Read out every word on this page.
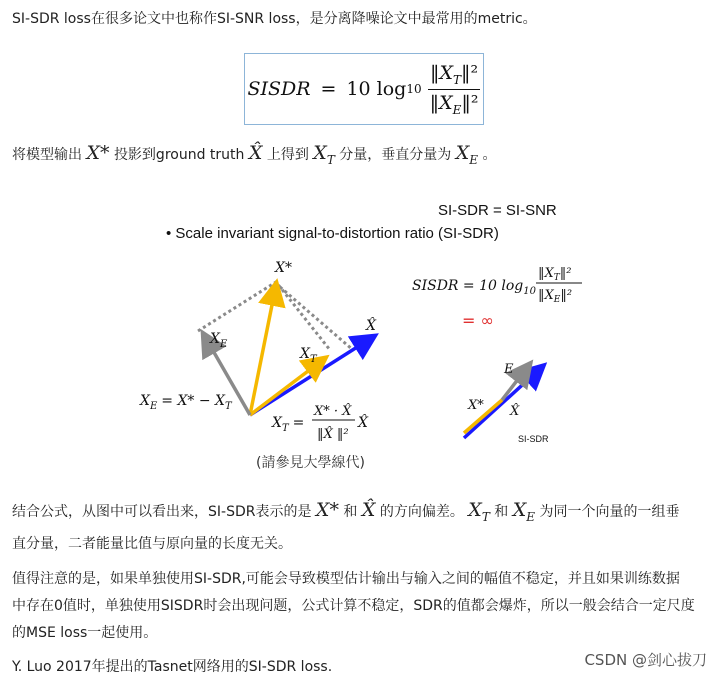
SI-SDR loss在很多论文中也称作SI-SNR loss，是分离降噪论文中最常用的metric。
SISDR = 10 $\log 10 \frac{‖X_T‖^2}{‖X_E‖^2}$
将模型输出 X* 投影到ground truth X̂ 上得到 $X_T$ 分量，垂直分量为 $X_E$ 。
SI-SDR = SI-SNR
• Scale invariant signal-to-distortion ratio (SI-SDR)
X*
$X_E$
$X_T$
X̂
$X_E = X* - X_T$
$X_T$ =
X* · X̂
‖X̂ ‖²
X̂
(請參見大學線代)
SISDR = 10 $\log_{10}$
$‖X_T‖^2$
$‖X_E‖^2$
= ∞
E
X* X̂
SI-SDR
结合公式，从图中可以看出来，SI-SDR表示的是 X* 和 X̂ 的方向偏差。 $X_T$ 和 $X_E$ 为同一个向量的一组垂
直分量，二者能量比值与原向量的长度无关。
值得注意的是，如果单独使用SI-SDR,可能会导致模型估计输出与输入之间的幅值不稳定，并且如果训练数据
中存在0值时，单独使用SISDR时会出现问题，公式计算不稳定，SDR的值都会爆炸，所以一般会结合一定尺度
的MSE loss一起使用。
Y. Luo 2017年提出的Tasnet网络用的SI-SDR loss.	CSDN @剑心拔刀
